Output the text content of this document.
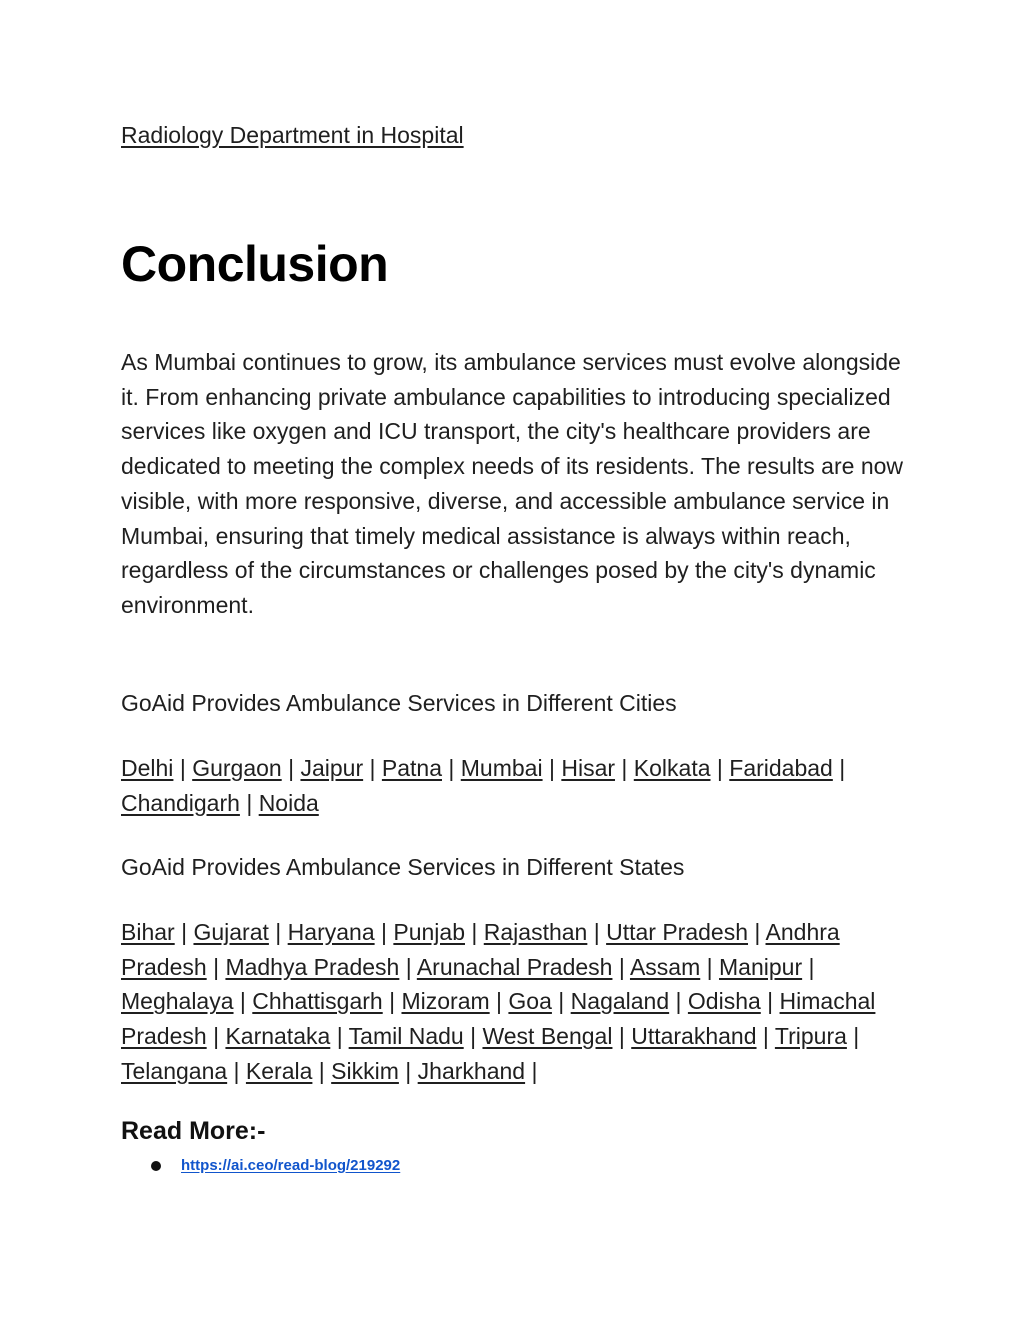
Radiology Department in Hospital
Conclusion

As Mumbai continues to grow, its ambulance services must evolve alongside it. From enhancing private ambulance capabilities to introducing specialized services like oxygen and ICU transport, the city's healthcare providers are dedicated to meeting the complex needs of its residents. The results are now visible, with more responsive, diverse, and accessible ambulance service in Mumbai, ensuring that timely medical assistance is always within reach, regardless of the circumstances or challenges posed by the city's dynamic environment.

GoAid Provides Ambulance Services in Different Cities

Delhi | Gurgaon | Jaipur | Patna | Mumbai | Hisar | Kolkata | Faridabad | Chandigarh | Noida

GoAid Provides Ambulance Services in Different States

Bihar | Gujarat | Haryana | Punjab | Rajasthan | Uttar Pradesh | Andhra Pradesh | Madhya Pradesh | Arunachal Pradesh | Assam | Manipur | Meghalaya | Chhattisgarh | Mizoram | Goa | Nagaland | Odisha | Himachal Pradesh | Karnataka | Tamil Nadu | West Bengal | Uttarakhand | Tripura | Telangana | Kerala | Sikkim | Jharkhand |

Read More:-
https://ai.ceo/read-blog/219292
